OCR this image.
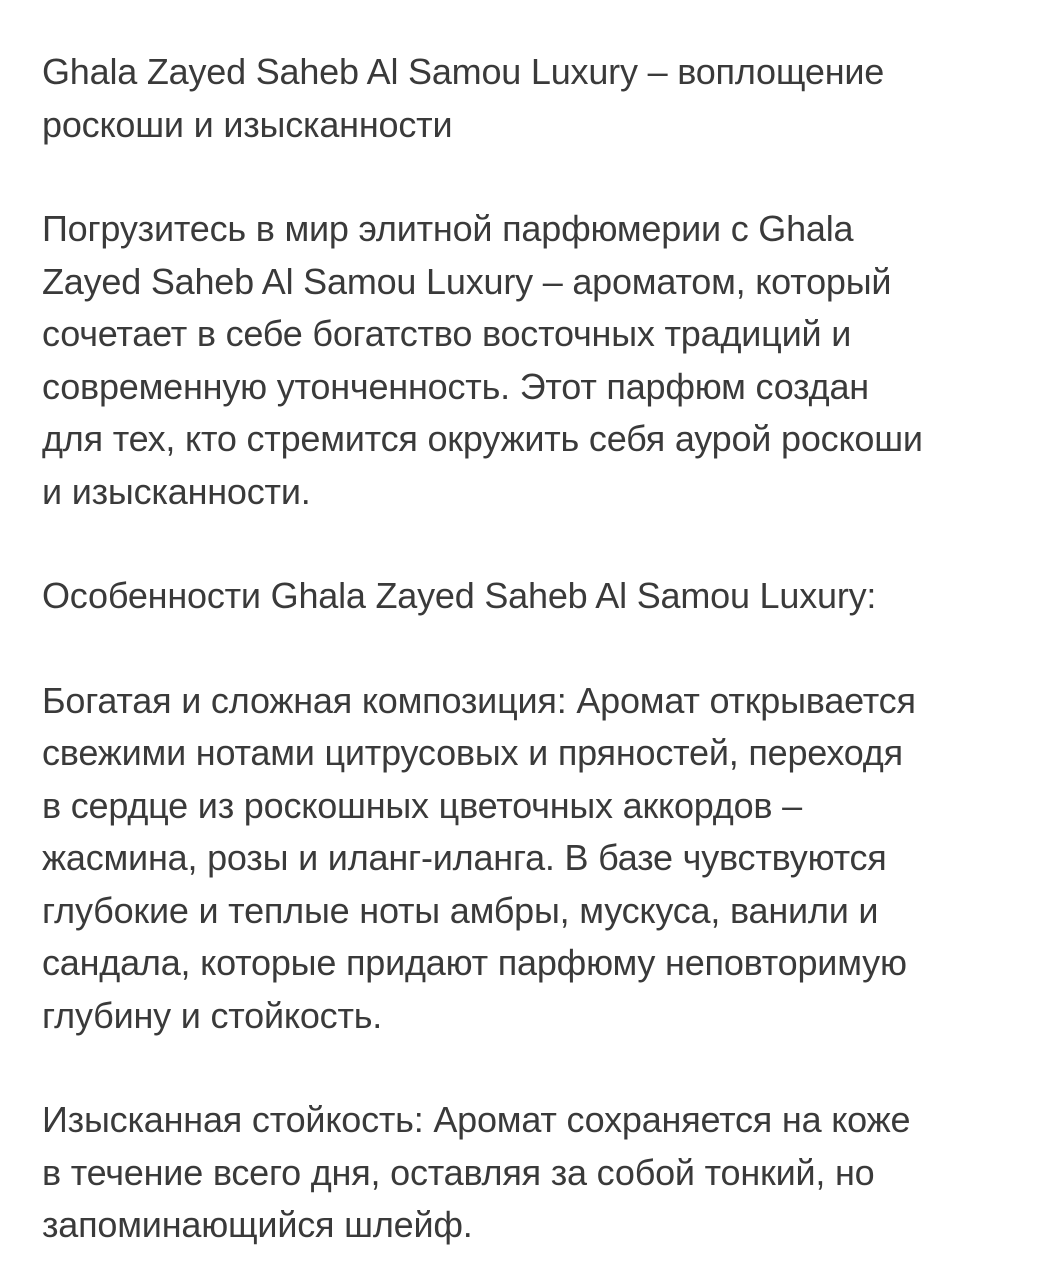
Ghala Zayed Saheb Al Samou Luxury – воплощение
роскоши и изысканности

Погрузитесь в мир элитной парфюмерии с Ghala
Zayed Saheb Al Samou Luxury – ароматом, который
сочетает в себе богатство восточных традиций и
современную утонченность. Этот парфюм создан
для тех, кто стремится окружить себя аурой роскоши
и изысканности.

Особенности Ghala Zayed Saheb Al Samou Luxury:

Богатая и сложная композиция: Аромат открывается
свежими нотами цитрусовых и пряностей, переходя
в сердце из роскошных цветочных аккордов –
жасмина, розы и иланг-иланга. В базе чувствуются
глубокие и теплые ноты амбры, мускуса, ванили и
сандала, которые придают парфюму неповторимую
глубину и стойкость.

Изысканная стойкость: Аромат сохраняется на коже
в течение всего дня, оставляя за собой тонкий, но
запоминающийся шлейф.
